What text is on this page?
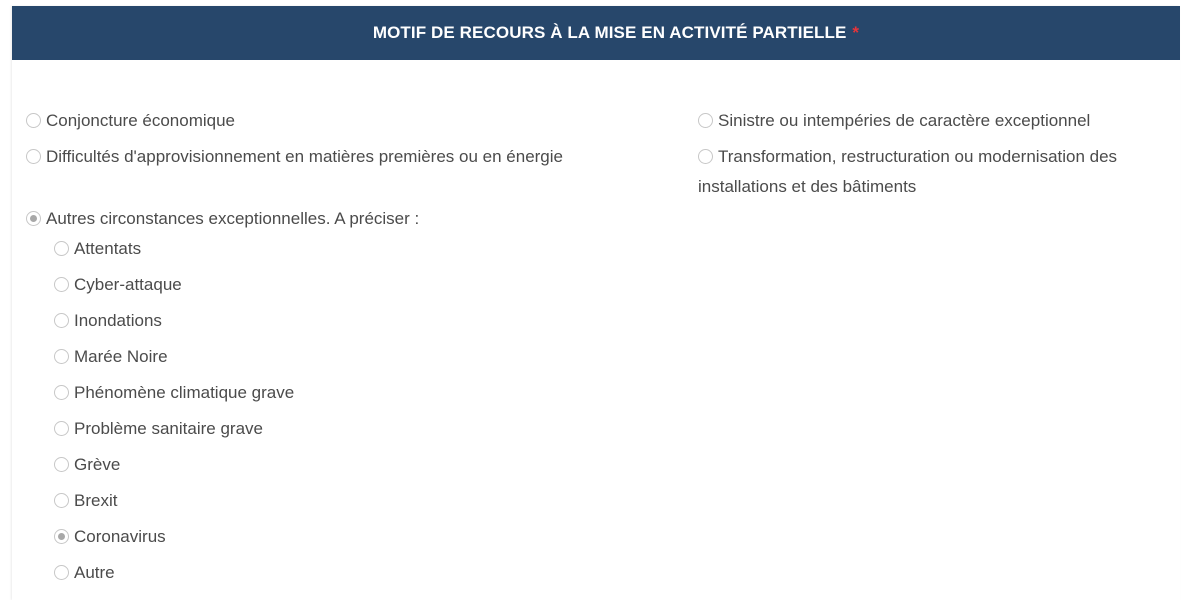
MOTIF DE RECOURS À LA MISE EN ACTIVITÉ PARTIELLE *
Conjoncture économique
Difficultés d'approvisionnement en matières premières ou en énergie
Autres circonstances exceptionnelles. A préciser :
Sinistre ou intempéries de caractère exceptionnel
Transformation, restructuration ou modernisation des installations et des bâtiments
Attentats
Cyber-attaque
Inondations
Marée Noire
Phénomène climatique grave
Problème sanitaire grave
Grève
Brexit
Coronavirus
Autre
